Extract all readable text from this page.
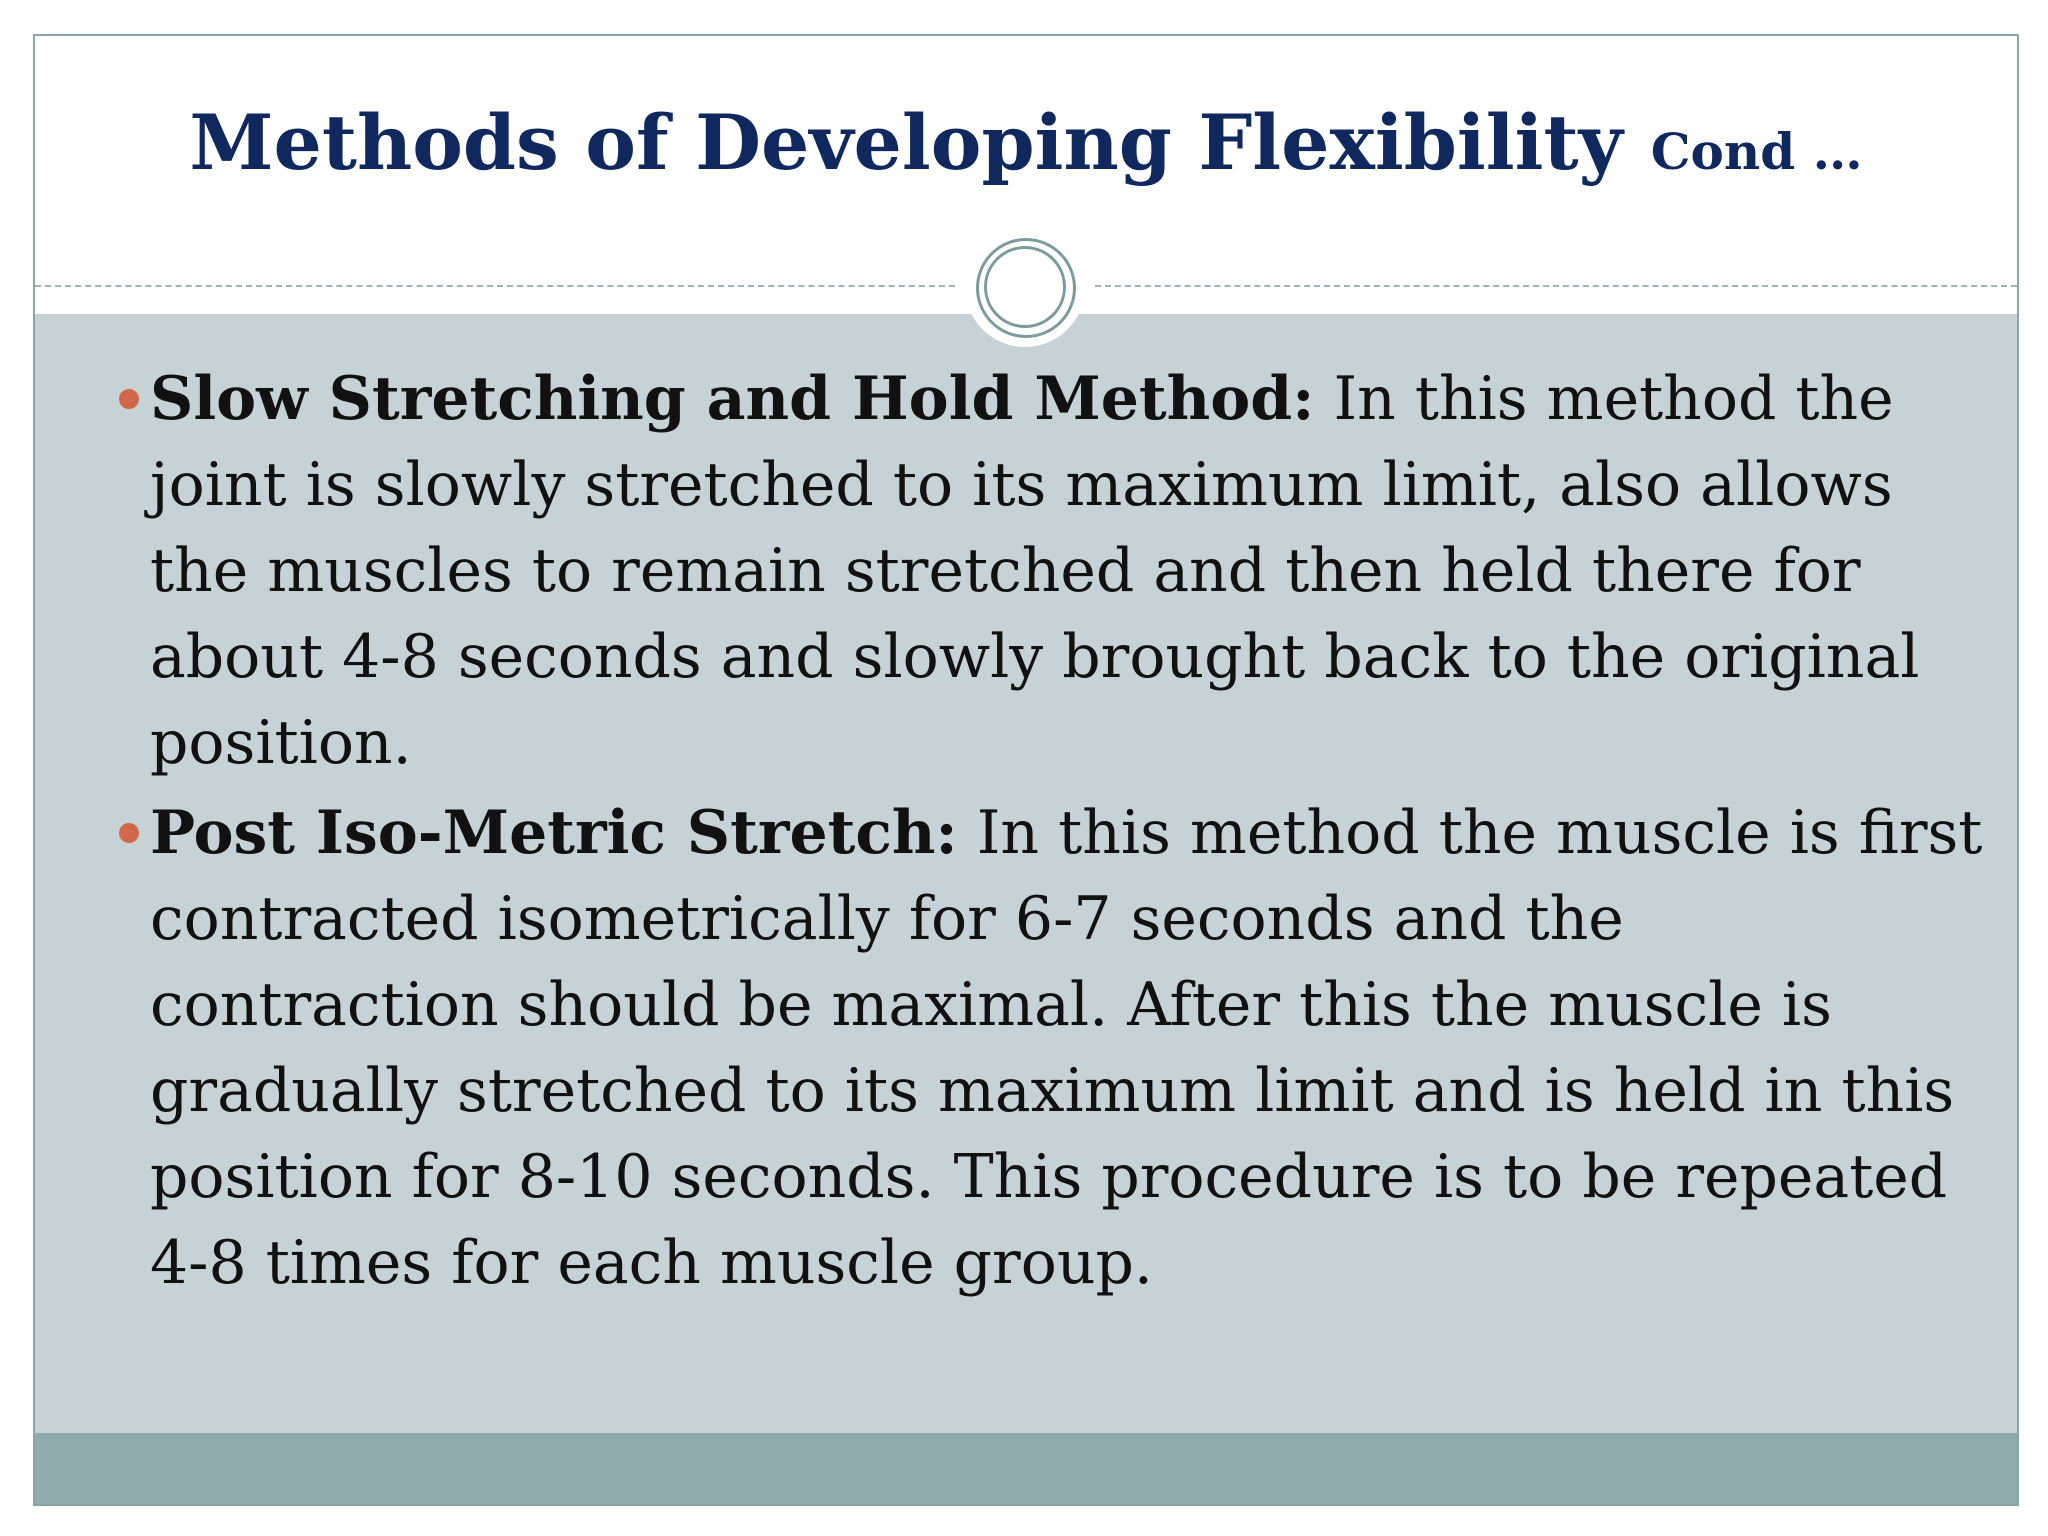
Methods of Developing Flexibility Cond …
Slow Stretching and Hold Method: In this method the joint is slowly stretched to its maximum limit, also allows the muscles to remain stretched and then held there for about 4-8 seconds and slowly brought back to the original position.
Post Iso-Metric Stretch: In this method the muscle is first contracted isometrically for 6-7 seconds and the contraction should be maximal. After this the muscle is gradually stretched to its maximum limit and is held in this position for 8-10 seconds. This procedure is to be repeated 4-8 times for each muscle group.
